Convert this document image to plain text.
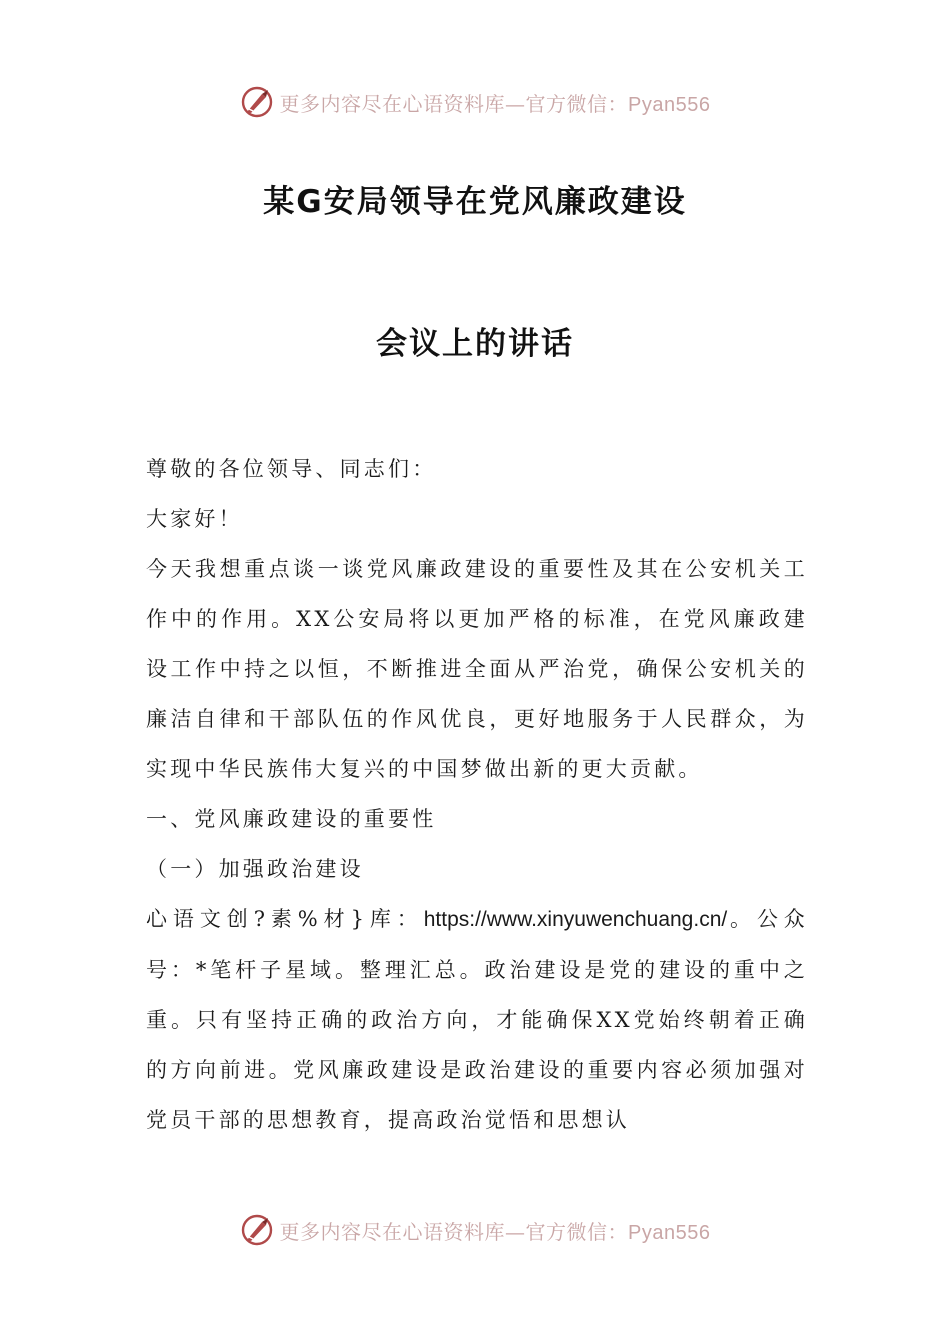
更多内容尽在心语资料库—官方微信：Pyan556
某G安局领导在党风廉政建设
会议上的讲话

尊敬的各位领导、同志们：

大家好！

今天我想重点谈一谈党风廉政建设的重要性及其在公安机关工作中的作用。XX公安局将以更加严格的标准，在党风廉政建设工作中持之以恒，不断推进全面从严治党，确保公安机关的廉洁自律和干部队伍的作风优良，更好地服务于人民群众，为实现中华民族伟大复兴的中国梦做出新的更大贡献。

一、党风廉政建设的重要性

（一）加强政治建设

心语文创?素%材}库：https://www.xinyuwenchuang.cn/。公众号：*笔杆子星域。整理汇总。政治建设是党的建设的重中之重。只有坚持正确的政治方向，才能确保XX党始终朝着正确的方向前进。党风廉政建设是政治建设的重要内容必须加强对党员干部的思想教育，提高政治觉悟和思想认

更多内容尽在心语资料库—官方微信：Pyan556
